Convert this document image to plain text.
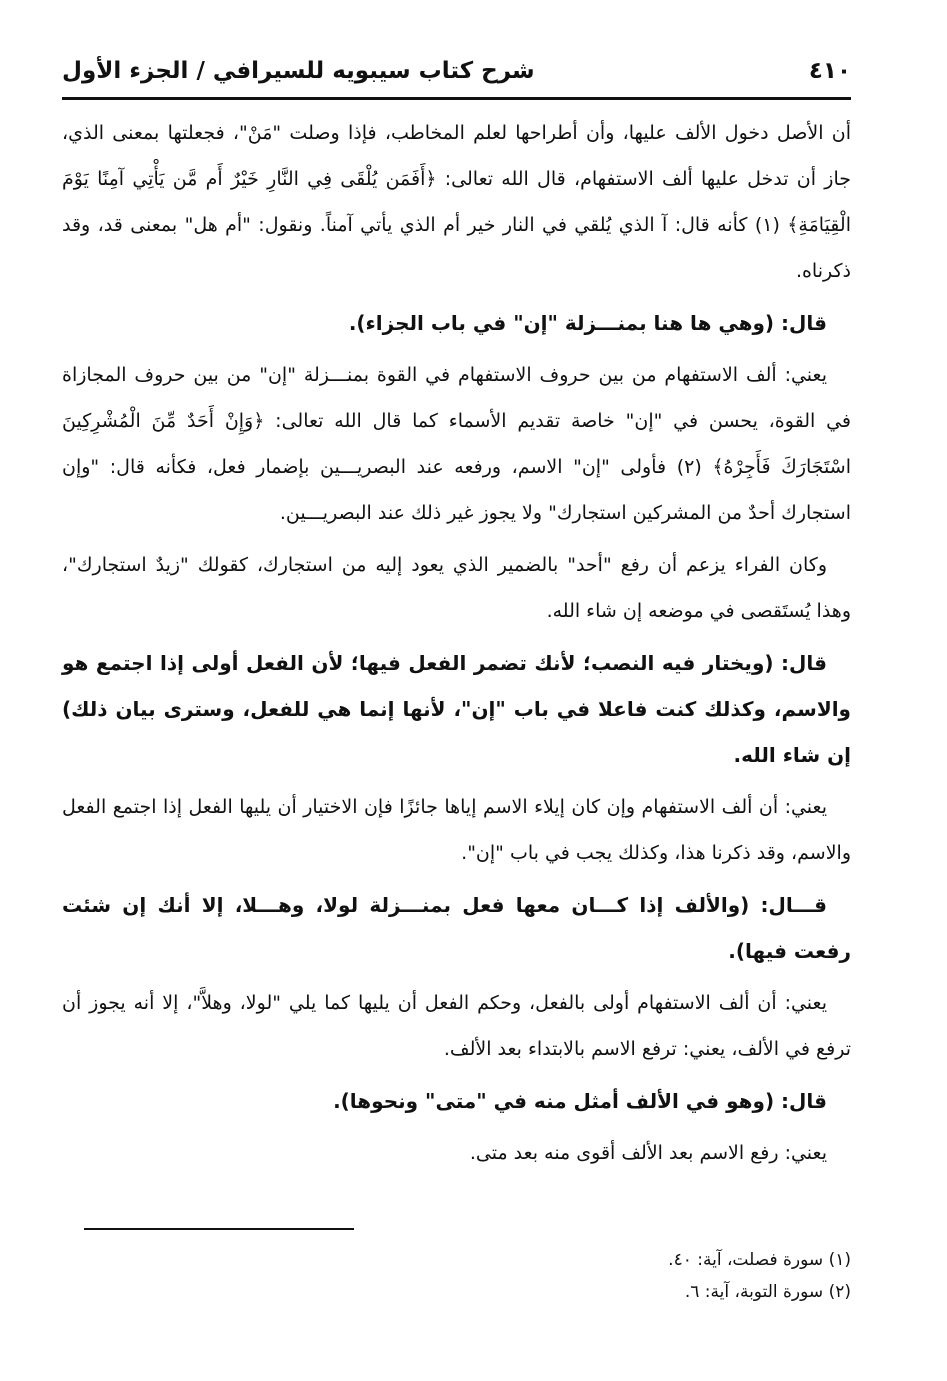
٤١٠
شرح كتاب سيبويه للسيرافي / الجزء الأول

أن الأصل دخول الألف عليها، وأن أطراحها لعلم المخاطب، فإذا وصلت "مَنْ"، فجعلتها بمعنى الذي، جاز أن تدخل عليها ألف الاستفهام، قال الله تعالى: ﴿أَفَمَن يُلْقَى فِي النَّارِ خَيْرٌ أَم مَّن يَأْتِي آمِنًا يَوْمَ الْقِيَامَةِ﴾ (١) كأنه قال: آ الذي يُلقي في النار خير أم الذي يأتي آمناً. ونقول: "أم هل" بمعنى قد، وقد ذكرناه.

قال: (وهي ها هنا بمنـــزلة "إن" في باب الجزاء).

يعني: ألف الاستفهام من بين حروف الاستفهام في القوة بمنـــزلة "إن" من بين حروف المجازاة في القوة، يحسن في "إن" خاصة تقديم الأسماء كما قال الله تعالى: ﴿وَإِنْ أَحَدٌ مِّنَ الْمُشْرِكِينَ اسْتَجَارَكَ فَأَجِرْهُ﴾ (٢) فأولى "إن" الاسم، ورفعه عند البصريـــين بإضمار فعل، فكأنه قال: "وإن استجارك أحدٌ من المشركين استجارك" ولا يجوز غير ذلك عند البصريـــين.

وكان الفراء يزعم أن رفع "أحد" بالضمير الذي يعود إليه من استجارك، كقولك "زيدٌ استجارك"، وهذا يُستَقصى في موضعه إن شاء الله.

قال: (ويختار فيه النصب؛ لأنك تضمر الفعل فيها؛ لأن الفعل أولى إذا اجتمع هو والاسم، وكذلك كنت فاعلا في باب "إن"، لأنها إنما هي للفعل، وسترى بيان ذلك) إن شاء الله.

يعني: أن ألف الاستفهام وإن كان إيلاء الاسم إياها جائزًا فإن الاختيار أن يليها الفعل إذا اجتمع الفعل والاسم، وقد ذكرنا هذا، وكذلك يجب في باب "إن".

قـــال: (والألف إذا كـــان معها فعل بمنـــزلة لولا، وهـــلا، إلا أنك إن شئت رفعت فيها).

يعني: أن ألف الاستفهام أولى بالفعل، وحكم الفعل أن يليها كما يلي "لولا، وهلاَّ"، إلا أنه يجوز أن ترفع في الألف، يعني: ترفع الاسم بالابتداء بعد الألف.

قال: (وهو في الألف أمثل منه في "متى" ونحوها).

يعني: رفع الاسم بعد الألف أقوى منه بعد متى.

(١) سورة فصلت، آية: ٤٠.

(٢) سورة التوبة، آية: ٦.
